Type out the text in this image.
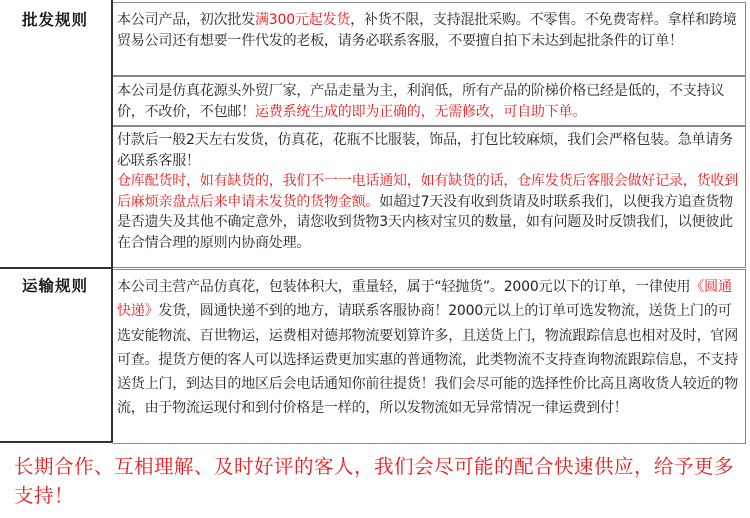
批发规则
运输规则
本公司产品，初次批发满300元起发货，补货不限，支持混批采购。不零售。不免费寄样。拿样和跨境贸易公司还有想要一件代发的老板，请务必联系客服，不要擅自拍下未达到起批条件的订单！
本公司是仿真花源头外贸厂家，产品走量为主，利润低，所有产品的阶梯价格已经是低的，不支持议价，不改价，不包邮！运费系统生成的即为正确的，无需修改，可自助下单。
付款后一般2天左右发货，仿真花，花瓶不比服装，饰品，打包比较麻烦，我们会严格包装。急单请务必联系客服！
仓库配货时，如有缺货的，我们不一一电话通知，如有缺货的话，仓库发货后客服会做好记录，货收到后麻烦亲盘点后来申请未发货的货物金额。如超过7天没有收到货请及时联系我们，以便我方追查货物是否遗失及其他不确定意外，请您收到货物3天内核对宝贝的数量，如有问题及时反馈我们，以便彼此在合情合理的原则内协商处理。
本公司主营产品仿真花，包装体积大，重量轻，属于“轻抛货”。2000元以下的订单，一律使用《圆通快递》发货，圆通快递不到的地方，请联系客服协商！2000元以上的订单可选发物流，送货上门的可选安能物流、百世物运，运费相对德邦物流要划算许多，且送货上门，物流跟踪信息也相对及时，官网可查。提货方便的客人可以选择运费更加实惠的普通物流，此类物流不支持查询物流跟踪信息，不支持送货上门，到达目的地区后会电话通知你前往提货！我们会尽可能的选择性价比高且离收货人较近的物流，由于物流运现付和到付价格是一样的，所以发物流如无异常情况一律运费到付！
长期合作、互相理解、及时好评的客人，我们会尽可能的配合快速供应，给予更多支持！
